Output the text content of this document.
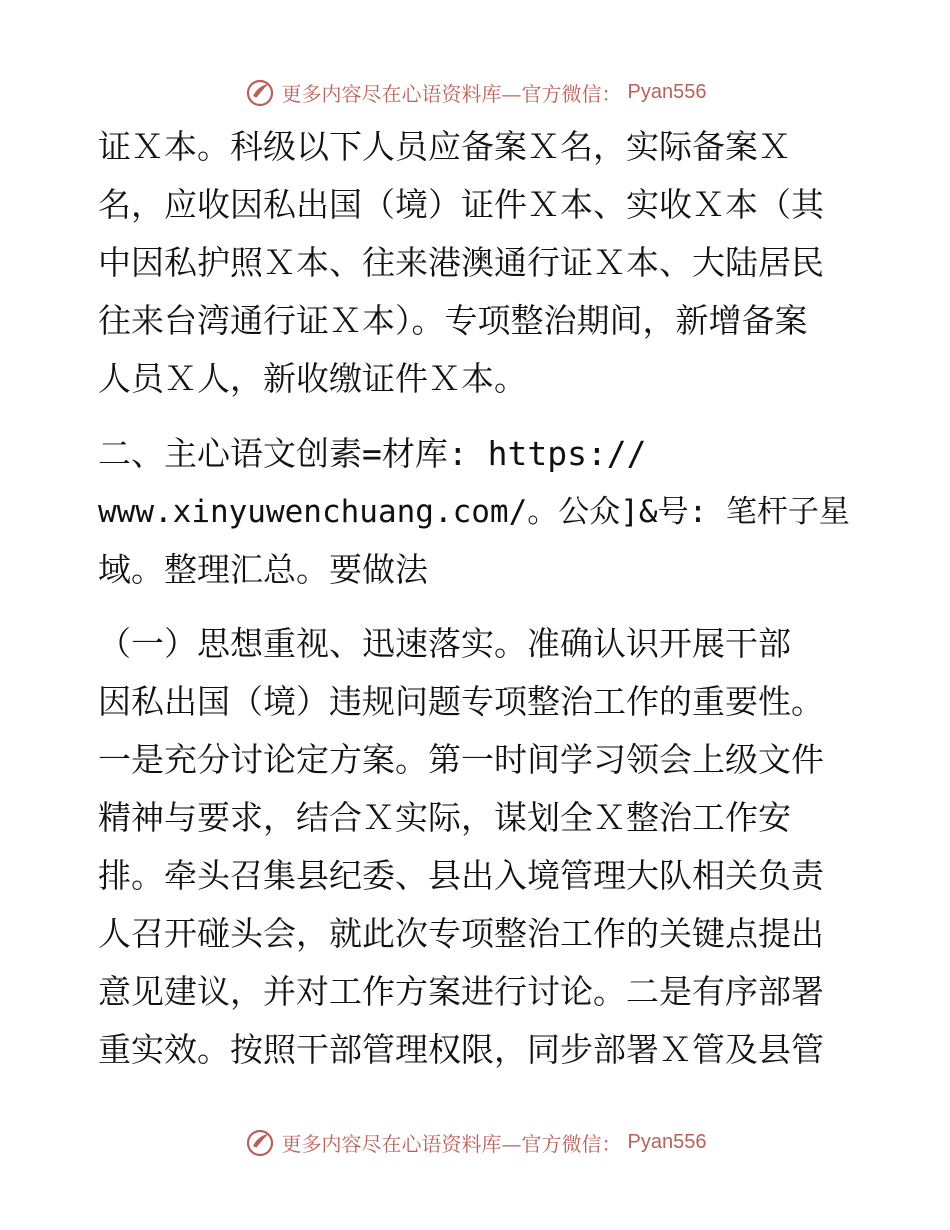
更多内容尽在心语资料库—官方微信： Pyan556
证Ｘ本。科级以下人员应备案Ｘ名，实际备案Ｘ
名，应收因私出国（境）证件Ｘ本、实收Ｘ本（其
中因私护照Ｘ本、往来港澳通行证Ｘ本、大陆居民
往来台湾通行证Ｘ本）。专项整治期间，新增备案
人员Ｘ人，新收缴证件Ｘ本。
二、主心语文创素=材库: https://
www.xinyuwenchuang.com/。公众]&号: 笔杆子星
域。整理汇总。要做法
（一）思想重视、迅速落实。准确认识开展干部
因私出国（境）违规问题专项整治工作的重要性。
一是充分讨论定方案。第一时间学习领会上级文件
精神与要求，结合Ｘ实际，谋划全Ｘ整治工作安
排。牵头召集县纪委、县出入境管理大队相关负责
人召开碰头会，就此次专项整治工作的关键点提出
意见建议，并对工作方案进行讨论。二是有序部署
重实效。按照干部管理权限，同步部署Ｘ管及县管
更多内容尽在心语资料库—官方微信： Pyan556
